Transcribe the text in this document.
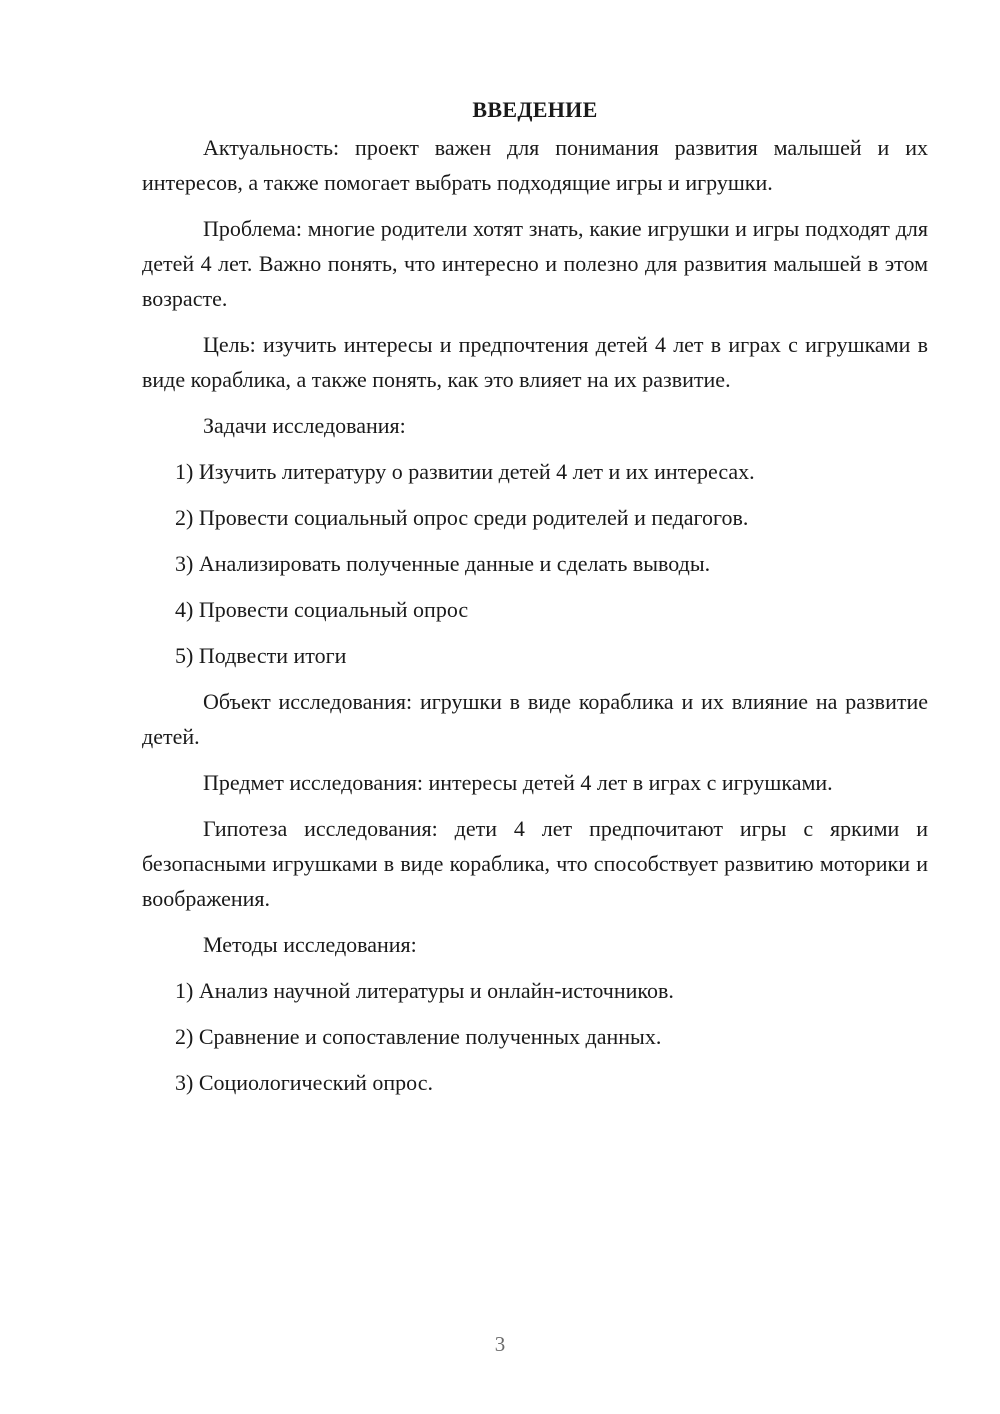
ВВЕДЕНИЕ

Актуальность: проект важен для понимания развития малышей и их интересов, а также помогает выбрать подходящие игры и игрушки.

Проблема: многие родители хотят знать, какие игрушки и игры подходят для детей 4 лет. Важно понять, что интересно и полезно для развития малышей в этом возрасте.

Цель: изучить интересы и предпочтения детей 4 лет в играх с игрушками в виде кораблика, а также понять, как это влияет на их развитие.

Задачи исследования:

1) Изучить литературу о развитии детей 4 лет и их интересах.

2) Провести социальный опрос среди родителей и педагогов.

3) Анализировать полученные данные и сделать выводы.

4) Провести социальный опрос

5) Подвести итоги

Объект исследования: игрушки в виде кораблика и их влияние на развитие детей.

Предмет исследования: интересы детей 4 лет в играх с игрушками.

Гипотеза исследования: дети 4 лет предпочитают игры с яркими и безопасными игрушками в виде кораблика, что способствует развитию моторики и воображения.

Методы исследования:

1) Анализ научной литературы и онлайн-источников.

2) Сравнение и сопоставление полученных данных.

3) Социологический опрос.

3
